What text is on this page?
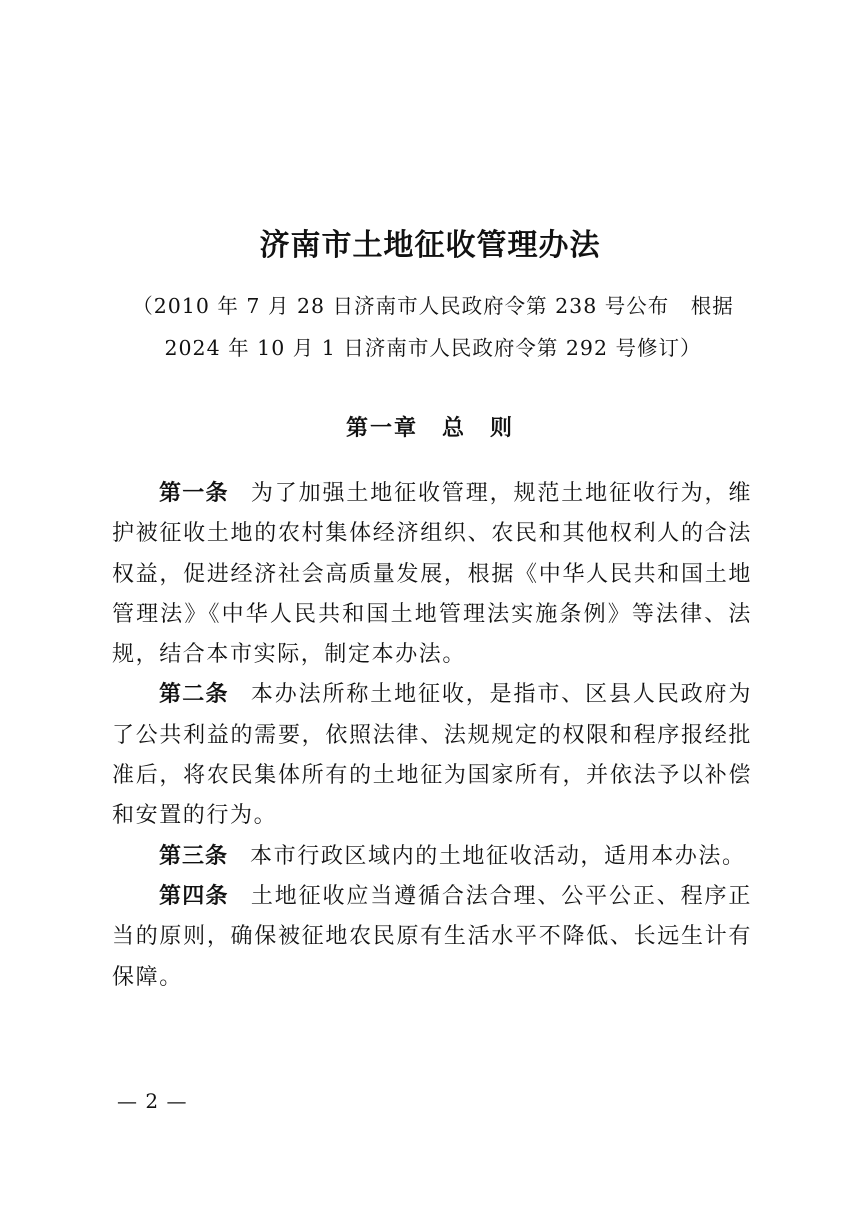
济南市土地征收管理办法

（2010 年 7 月 28 日济南市人民政府令第 238 号公布　根据
2024 年 10 月 1 日济南市人民政府令第 292 号修订）

第一章　总　则

第一条 为了加强土地征收管理，规范土地征收行为，维护被征收土地的农村集体经济组织、农民和其他权利人的合法权益，促进经济社会高质量发展，根据《中华人民共和国土地管理法》《中华人民共和国土地管理法实施条例》等法律、法规，结合本市实际，制定本办法。

第二条 本办法所称土地征收，是指市、区县人民政府为了公共利益的需要，依照法律、法规规定的权限和程序报经批准后，将农民集体所有的土地征为国家所有，并依法予以补偿和安置的行为。

第三条 本市行政区域内的土地征收活动，适用本办法。

第四条 土地征收应当遵循合法合理、公平公正、程序正当的原则，确保被征地农民原有生活水平不降低、长远生计有保障。

— 2 —
